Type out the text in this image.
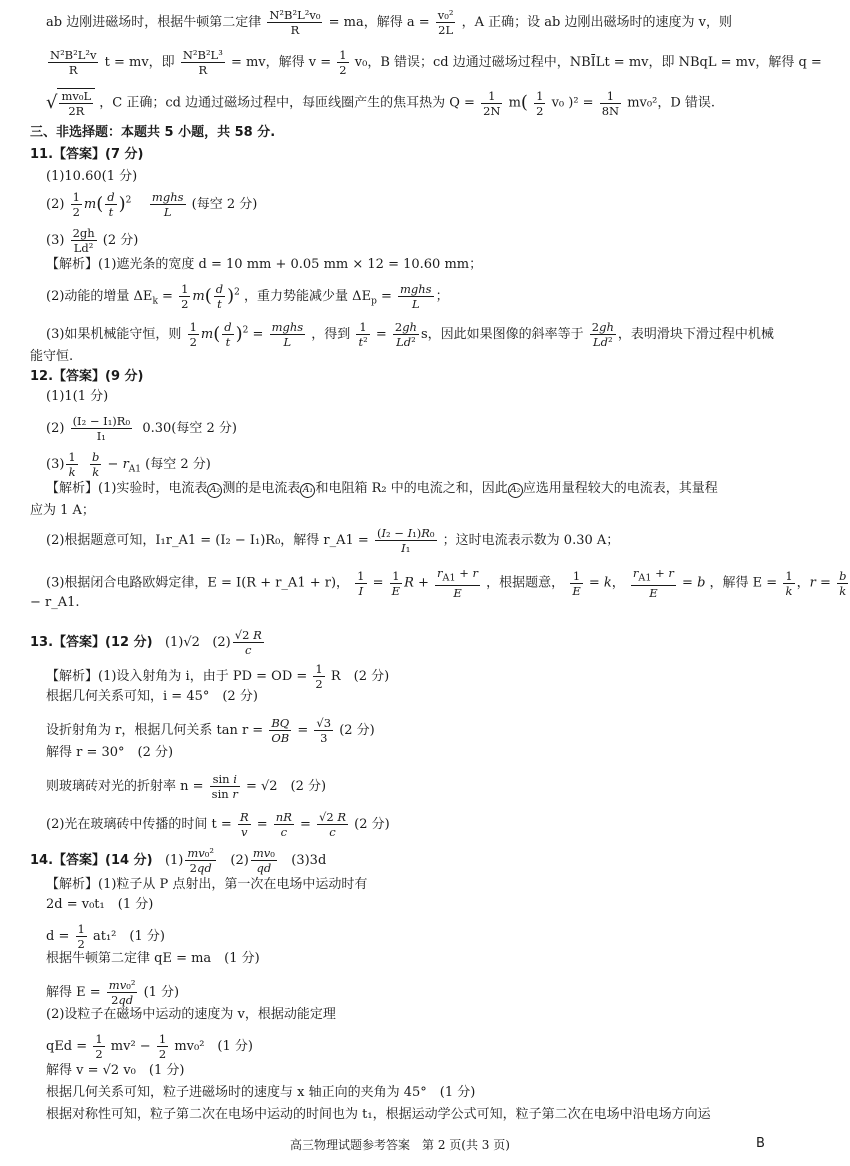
ab 边刚进磁场时，根据牛顿第二定律 $\frac{\text{N²B²L²v₀}}{R}$ = ma，解得 $a = \frac{\text{v₀²}}{2L}$ ，A 正确；设 ab 边刚出磁场时的速度为 v，则
$\frac{\text{N²B²L²v}}{R}$ t = mv，即 $\frac{\text{N²B²L³}}{R}$ = mv，解得 $v = \frac{1}{2} v_0$，B 错误；cd 边通过磁场过程中，NBĪLt = mv，即 NBqL = mv，解得 q =
√ $\frac{\text{mv₀L}}{2R}$ ，C 正确；cd 边通过磁场过程中，每匝线圈产生的焦耳热为 $Q = \frac{1}{2N} m( \frac{1}{2} v_0$ )$^2 = \frac{1}{8N} mv_0^2$，D 错误.
三、非选择题：本题共 5 小题，共 58 分.
11.【答案】(7 分)
(1)10.60(1 分)
$(2) \frac{1}{2} m( \frac{d}{t} )^2$ mghs
L	(每空 2 分)
$(3) \frac{2gh}{\text{Ld²}} (2$ 分)
【解析】(1)遮光条的宽度 d = 10 mm + 0.05 mm × 12 = 10.60 mm；
(2)动能的增量 $\Delta E_k = \frac{1}{2} m( \frac{d}{t} )^2$ ，重力势能减少量 $\Delta E_p$ = mghs
L	；
(3)如果机械能守恒，则 $\frac{1}{2} m( \frac{d}{t} )^2$ = mghs
L	，得到 $\frac{1}{\text{t²}} = \frac{2gh}{\text{Ld²}}$ s，因此如果图像的斜率等于 $\frac{2gh}{\text{Ld²}}$ ，表明滑块下滑过程中机械
能守恒.
12.【答案】(9 分)
(1)1(1 分)
$(2) \frac{\text{(I₂ − I₁)R₀}}{\text{I₁}} 0.30$(每空 2 分)
$(3) \frac{1}{k}$
$\frac{b}{k} - r_{A1}$ (每空 2 分)
【解析】(1)实验时，电流表 A₂ 测的是电流表 A₁ 和电阻箱 R₂ 中的电流之和，因此 A₂ 应选用量程较大的电流表，其量程
应为 1 A；
(2)根据题意可知，I₁r_A1 = (I₂ − I₁)R₀，解得 r_A1 = $\frac{\text{(I₂ − I₁)R₀}}{\text{I₁}}$ ；这时电流表示数为 0.30 A；
(3)根据闭合电路欧姆定律，E = I(R + r_A1 + r)， $\frac{1}{I} = \frac{1}{E}$ $R + \frac{r_{A1} + r}{E}$ ，根据题意， $\frac{1}{E} = k$， $\frac{r_{A1} + r}{E} = b$ ，解得 $E = \frac{1}{k}$ ，$r = \frac{b}{k}$
− r_A1.
13.【答案】(12 分) (1)√2 $(2) \frac{√2 R}{c}$
【解析】(1)设入射角为 i，由于 PD = OD = $\frac{1}{2}$ R　(2 分)
根据几何关系可知，i = 45°　(2 分)
设折射角为 r，根据几何关系 $\tan r = \frac{BQ}{OB} = \frac{√3}{3} (2$ 分)
解得 r = 30°　(2 分)
则玻璃砖对光的折射率 $n = \frac{\text{sin i}}{\text{sin r}} = √2$　(2 分)
(2)光在玻璃砖中传播的时间 $t = \frac{R}{v} = \frac{nR}{c} = \frac{√2 R}{c} (2$ 分)
14.【答案】(14 分) $(1) \frac{\text{mv₀²}}{2qd} (2) \frac{\text{mv₀}}{qd} (3)3d$
【解析】(1)粒子从 P 点射出，第一次在电场中运动时有
2d = v₀t₁　(1 分)
$d = \frac{1}{2} at_1^2$　(1 分)
根据牛顿第二定律 qE = ma　(1 分)
解得 $E = \frac{\text{mv₀²}}{2qd} (1$ 分)
(2)设粒子在磁场中运动的速度为 v，根据动能定理
qEd = $\frac{1}{2} mv^2 - \frac{1}{2} mv_0^2$　(1 分)
解得 v = √2 v₀　(1 分)
根据几何关系可知，粒子进磁场时的速度与 x 轴正向的夹角为 45°　(1 分)
根据对称性可知，粒子第二次在电场中运动的时间也为 t₁，根据运动学公式可知，粒子第二次在电场中沿电场方向运
高三物理试题参考答案　第 2 页(共 3 页)	B
